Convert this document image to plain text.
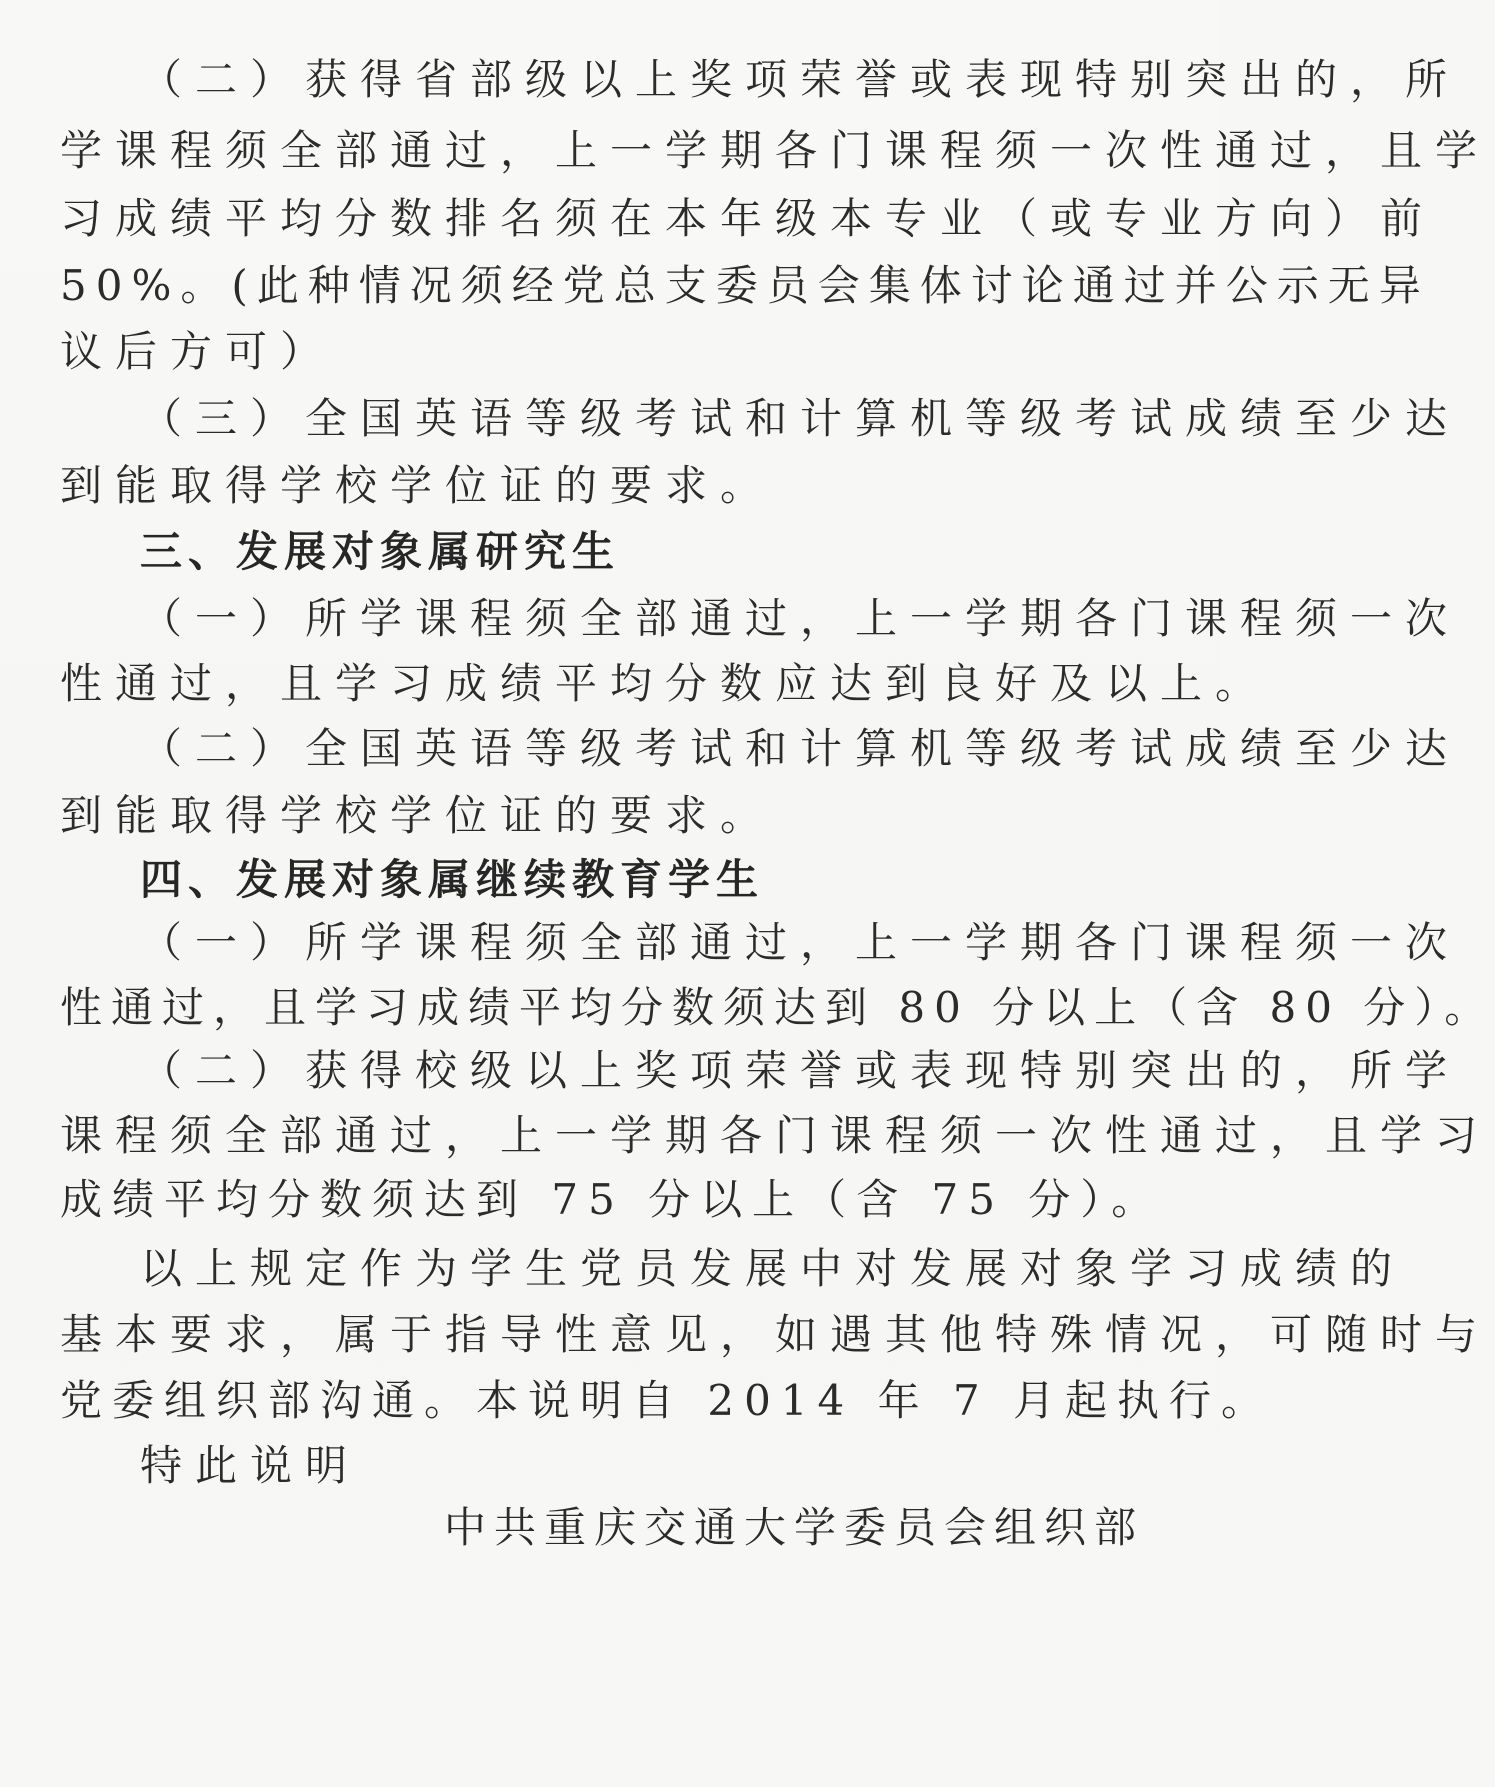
（二）获得省部级以上奖项荣誉或表现特别突出的，所
学课程须全部通过，上一学期各门课程须一次性通过，且学
习成绩平均分数排名须在本年级本专业（或专业方向）前
50%。(此种情况须经党总支委员会集体讨论通过并公示无异
议后方可）
（三）全国英语等级考试和计算机等级考试成绩至少达
到能取得学校学位证的要求。
三、发展对象属研究生
（一）所学课程须全部通过，上一学期各门课程须一次
性通过，且学习成绩平均分数应达到良好及以上。
（二）全国英语等级考试和计算机等级考试成绩至少达
到能取得学校学位证的要求。
四、发展对象属继续教育学生
（一）所学课程须全部通过，上一学期各门课程须一次
性通过，且学习成绩平均分数须达到 80 分以上（含 80 分）。
（二）获得校级以上奖项荣誉或表现特别突出的，所学
课程须全部通过，上一学期各门课程须一次性通过，且学习
成绩平均分数须达到 75 分以上（含 75 分）。
以上规定作为学生党员发展中对发展对象学习成绩的
基本要求，属于指导性意见，如遇其他特殊情况，可随时与
党委组织部沟通。本说明自 2014 年 7 月起执行。
特此说明
中共重庆交通大学委员会组织部
